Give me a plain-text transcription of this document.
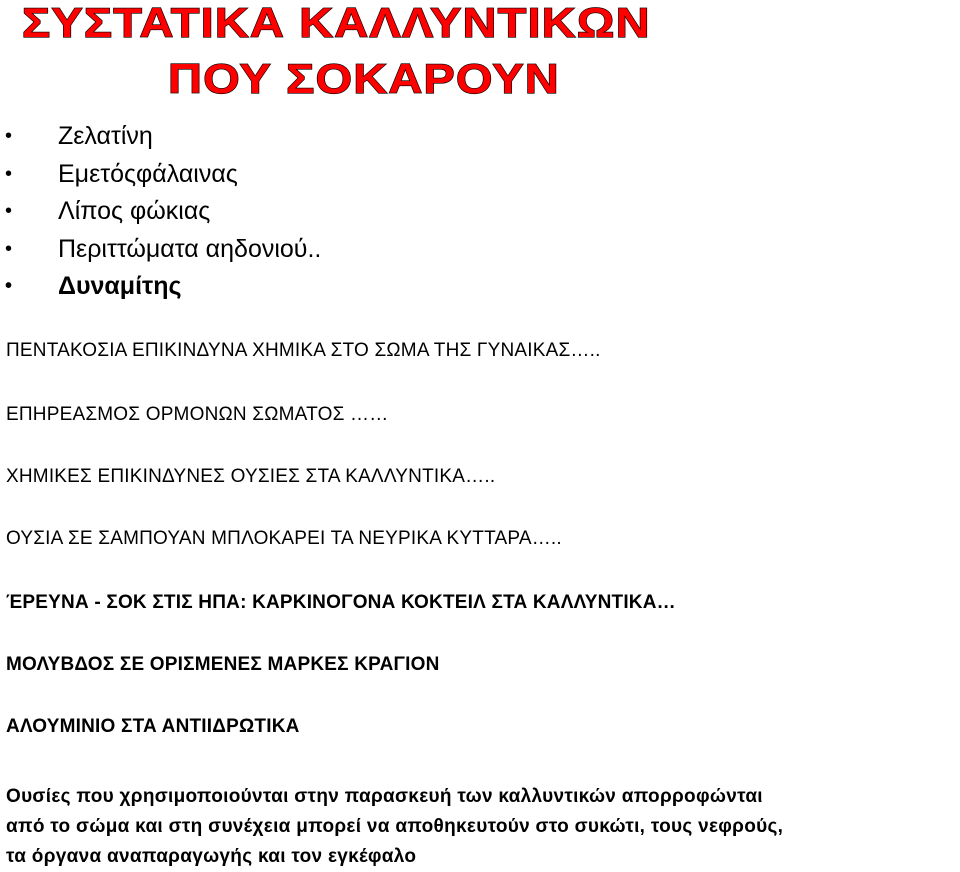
ΣΥΣΤΑΤΙΚΑ ΚΑΛΛΥΝΤΙΚΩΝ
ΠΟΥ ΣΟΚΑΡΟΥΝ
• Ζελατίνη
• Εμετόςφάλαινας
• Λίπος φώκιας
• Περιττώματα αηδονιού..
• Δυναμίτης

ΠΕΝΤΑΚΟΣΙΑ ΕΠΙΚΙΝΔΥΝΑ ΧΗΜΙΚΑ ΣΤΟ ΣΩΜΑ ΤΗΣ ΓΥΝΑΙΚΑΣ…..

ΕΠΗΡΕΑΣΜΟΣ ΟΡΜΟΝΩΝ ΣΩΜΑΤΟΣ ……

ΧΗΜΙΚΕΣ ΕΠΙΚΙΝΔΥΝΕΣ ΟΥΣΙΕΣ ΣΤΑ ΚΑΛΛΥΝΤΙΚΑ…..

ΟΥΣΙΑ ΣΕ ΣΑΜΠΟΥΑΝ ΜΠΛΟΚΑΡΕΙ ΤΑ ΝΕΥΡΙΚΑ ΚΥΤΤΑΡΑ…..

ΈΡΕΥΝΑ - ΣΟΚ ΣΤΙΣ ΗΠΑ: ΚΑΡΚΙΝΟΓΟΝΑ ΚΟΚΤΕΙΛ ΣΤΑ ΚΑΛΛΥΝΤΙΚΑ…

ΜΟΛΥΒΔΟΣ ΣΕ ΟΡΙΣΜΕΝΕΣ ΜΑΡΚΕΣ ΚΡΑΓΙΟΝ

ΑΛΟΥΜΙΝΙΟ ΣΤΑ ΑΝΤΙΙΔΡΩΤΙΚΑ

Ουσίες που χρησιμοποιούνται στην παρασκευή των καλλυντικών απορροφώνται
από το σώμα και στη συνέχεια μπορεί να αποθηκευτούν στο συκώτι, τους νεφρούς,
τα όργανα αναπαραγωγής και τον εγκέφαλο
